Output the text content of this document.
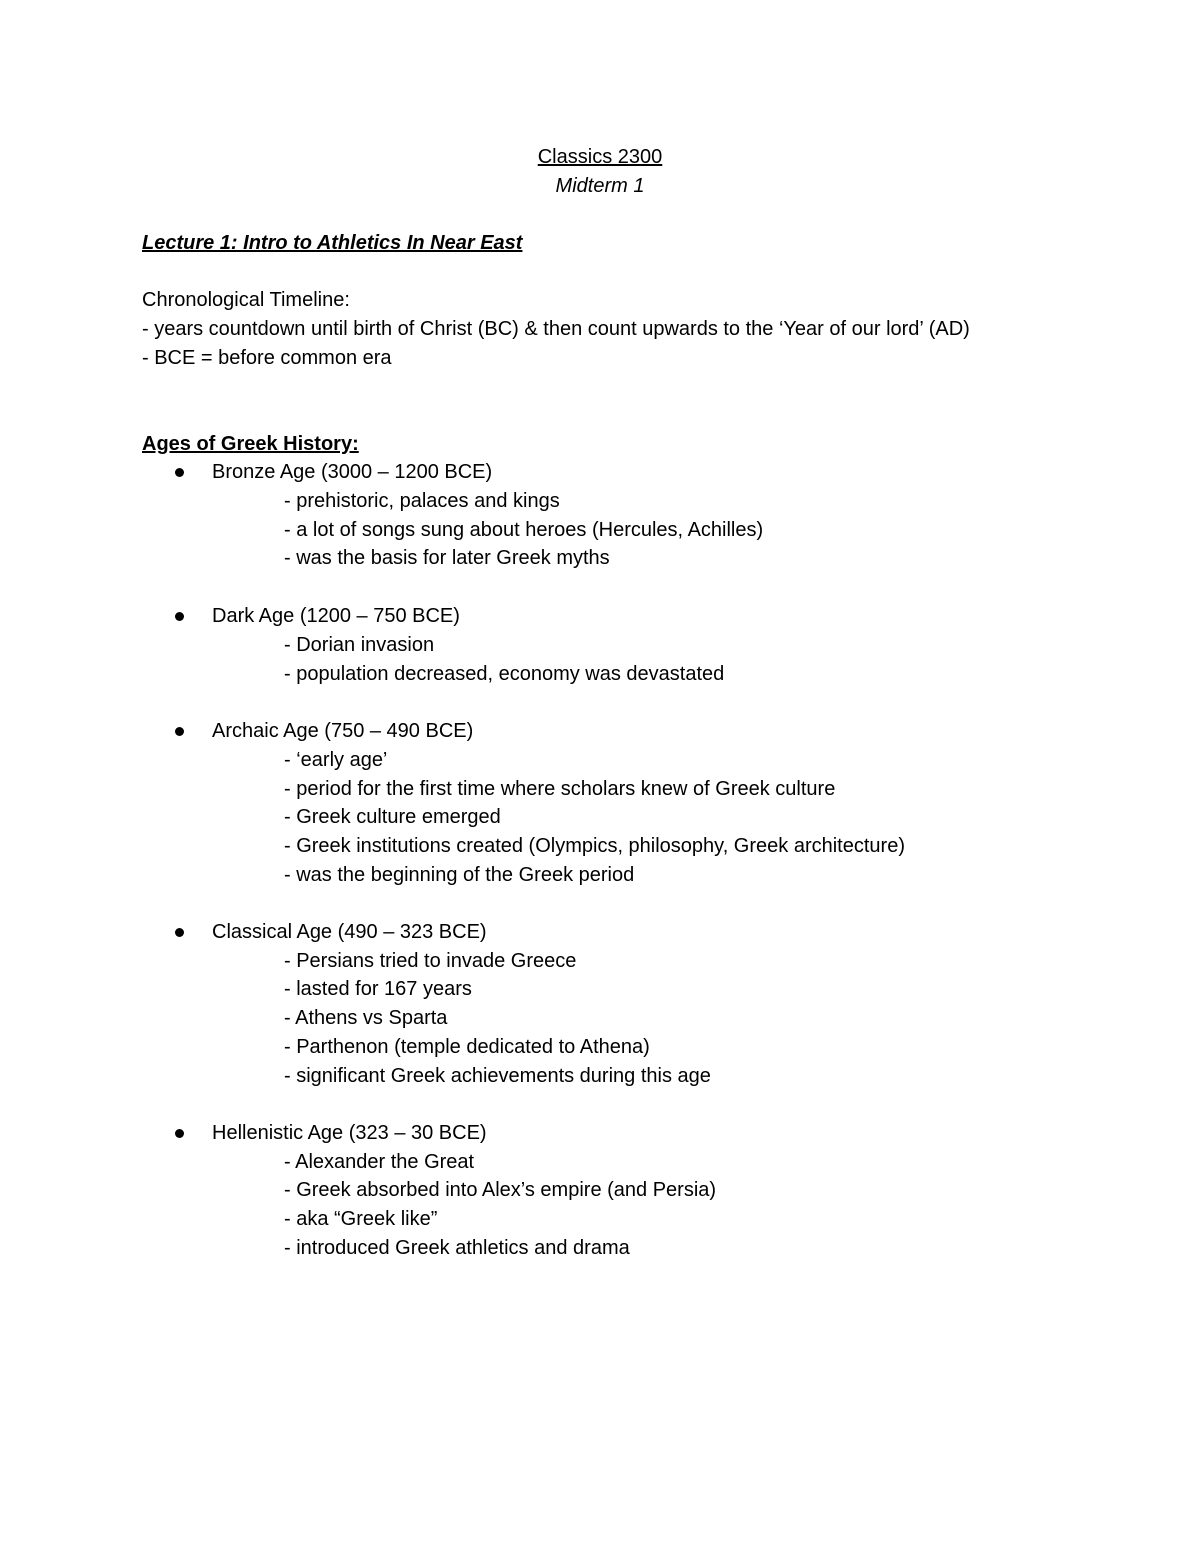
Classics 2300
Midterm 1
Lecture 1: Intro to Athletics In Near East
Chronological Timeline:
- years countdown until birth of Christ (BC) & then count upwards to the ‘Year of our lord’ (AD)
- BCE = before common era
Ages of Greek History:
Bronze Age (3000 – 1200 BCE)
- prehistoric, palaces and kings
- a lot of songs sung about heroes (Hercules, Achilles)
- was the basis for later Greek myths
Dark Age (1200 – 750 BCE)
- Dorian invasion
- population decreased, economy was devastated
Archaic Age (750 – 490 BCE)
- ‘early age’
- period for the first time where scholars knew of Greek culture
- Greek culture emerged
- Greek institutions created (Olympics, philosophy, Greek architecture)
- was the beginning of the Greek period
Classical Age (490 – 323 BCE)
- Persians tried to invade Greece
- lasted for 167 years
- Athens vs Sparta
- Parthenon (temple dedicated to Athena)
- significant Greek achievements during this age
Hellenistic Age (323 – 30 BCE)
- Alexander the Great
- Greek absorbed into Alex’s empire (and Persia)
- aka “Greek like”
- introduced Greek athletics and drama
